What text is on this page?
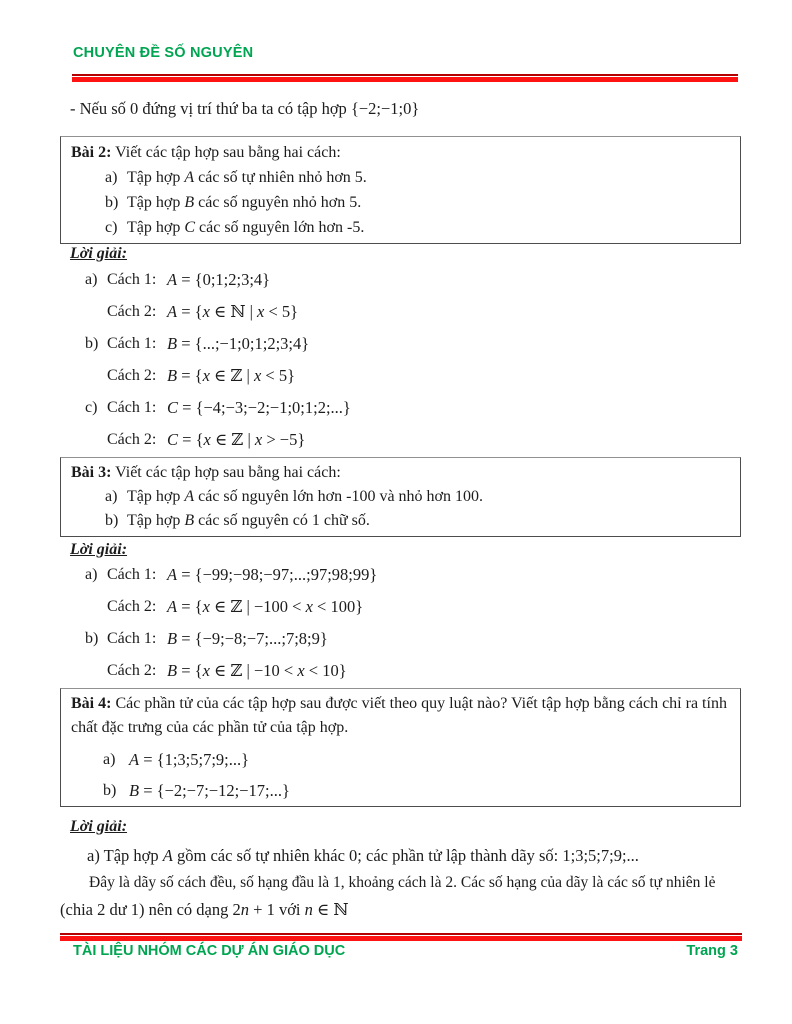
CHUYÊN ĐỀ SỐ NGUYÊN
- Nếu số 0 đứng vị trí thứ ba ta có tập hợp {−2;−1;0}
Bài 2: Viết các tập hợp sau bằng hai cách:
a) Tập hợp A các số tự nhiên nhỏ hơn 5.
b) Tập hợp B các số nguyên nhỏ hơn 5.
c) Tập hợp C các số nguyên lớn hơn -5.
Lời giải:
a) Cách 1: A = {0;1;2;3;4}
Cách 2: A = {x ∈ ℕ | x < 5}
b) Cách 1: B = {...;−1;0;1;2;3;4}
Cách 2: B = {x ∈ ℤ | x < 5}
c) Cách 1: C = {−4;−3;−2;−1;0;1;2;...}
Cách 2: C = {x ∈ ℤ | x > −5}
Bài 3: Viết các tập hợp sau bằng hai cách:
a) Tập hợp A các số nguyên lớn hơn -100 và nhỏ hơn 100.
b) Tập hợp B các số nguyên có 1 chữ số.
Lời giải:
a) Cách 1: A = {−99;−98;−97;...;97;98;99}
Cách 2: A = {x ∈ ℤ | −100 < x < 100}
b) Cách 1: B = {−9;−8;−7;...;7;8;9}
Cách 2: B = {x ∈ ℤ | −10 < x < 10}
Bài 4: Các phần tử của các tập hợp sau được viết theo quy luật nào? Viết tập hợp bằng cách chỉ ra tính chất đặc trưng của các phần tử của tập hợp.
a) A = {1;3;5;7;9;...}
b) B = {−2;−7;−12;−17;...}
Lời giải:
a) Tập hợp A gồm các số tự nhiên khác 0; các phần tử lập thành dãy số: 1;3;5;7;9;...
Đây là dãy số cách đều, số hạng đầu là 1, khoảng cách là 2. Các số hạng của dãy là các số tự nhiên lẻ
(chia 2 dư 1) nên có dạng 2n + 1 với n ∈ ℕ
TÀI LIỆU NHÓM CÁC DỰ ÁN GIÁO DỤC	Trang 3
